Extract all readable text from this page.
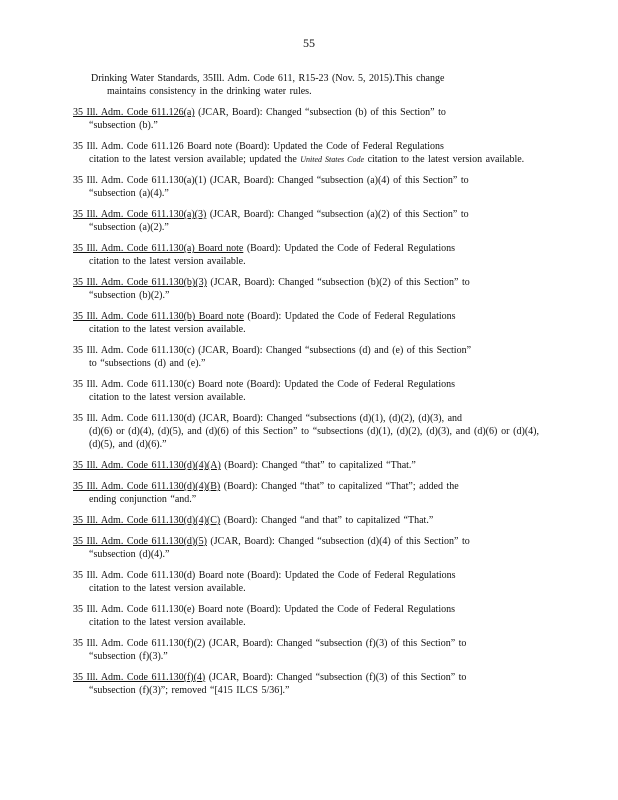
55
Drinking Water Standards, 35Ill. Adm. Code 611, R15-23 (Nov. 5, 2015).This change
maintains consistency in the drinking water rules.
35 Ill. Adm. Code 611.126(a) (JCAR, Board): Changed “subsection (b) of this Section” to
“subsection (b).”
35 Ill. Adm. Code 611.126 Board note (Board): Updated the Code of Federal Regulations
citation to the latest version available; updated the United States Code citation to the latest version available.
35 Ill. Adm. Code 611.130(a)(1) (JCAR, Board): Changed “subsection (a)(4) of this Section” to
“subsection (a)(4).”
35 Ill. Adm. Code 611.130(a)(3) (JCAR, Board): Changed “subsection (a)(2) of this Section” to
“subsection (a)(2).”
35 Ill. Adm. Code 611.130(a) Board note (Board): Updated the Code of Federal Regulations
citation to the latest version available.
35 Ill. Adm. Code 611.130(b)(3) (JCAR, Board): Changed “subsection (b)(2) of this Section” to
“subsection (b)(2).”
35 Ill. Adm. Code 611.130(b) Board note (Board): Updated the Code of Federal Regulations
citation to the latest version available.
35 Ill. Adm. Code 611.130(c) (JCAR, Board): Changed “subsections (d) and (e) of this Section”
to “subsections (d) and (e).”
35 Ill. Adm. Code 611.130(c) Board note (Board): Updated the Code of Federal Regulations
citation to the latest version available.
35 Ill. Adm. Code 611.130(d) (JCAR, Board): Changed “subsections (d)(1), (d)(2), (d)(3), and
(d)(6) or (d)(4), (d)(5), and (d)(6) of this Section” to “subsections (d)(1), (d)(2), (d)(3), and (d)(6) or (d)(4), (d)(5), and (d)(6).”
35 Ill. Adm. Code 611.130(d)(4)(A) (Board): Changed “that” to capitalized “That.”
35 Ill. Adm. Code 611.130(d)(4)(B) (Board): Changed “that” to capitalized “That”; added the
ending conjunction “and.”
35 Ill. Adm. Code 611.130(d)(4)(C) (Board): Changed “and that” to capitalized “That.”
35 Ill. Adm. Code 611.130(d)(5) (JCAR, Board): Changed “subsection (d)(4) of this Section” to
“subsection (d)(4).”
35 Ill. Adm. Code 611.130(d) Board note (Board): Updated the Code of Federal Regulations
citation to the latest version available.
35 Ill. Adm. Code 611.130(e) Board note (Board): Updated the Code of Federal Regulations
citation to the latest version available.
35 Ill. Adm. Code 611.130(f)(2) (JCAR, Board): Changed “subsection (f)(3) of this Section” to
“subsection (f)(3).”
35 Ill. Adm. Code 611.130(f)(4) (JCAR, Board): Changed “subsection (f)(3) of this Section” to
“subsection (f)(3)”; removed “[415 ILCS 5/36].”
